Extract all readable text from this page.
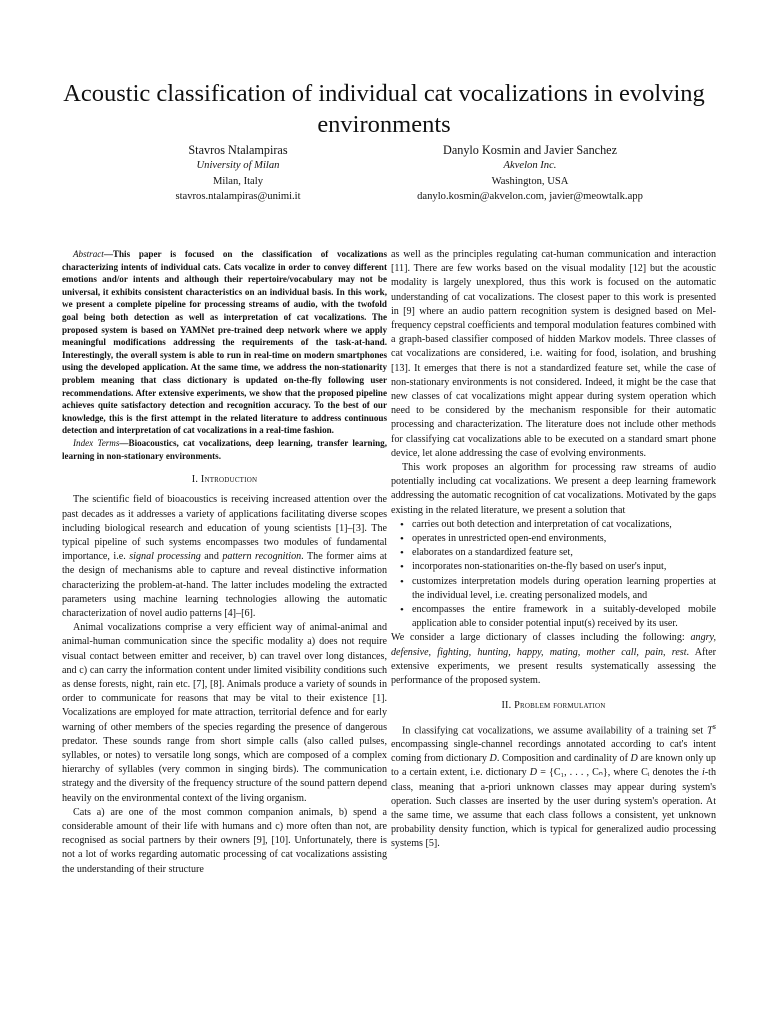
Acoustic classification of individual cat vocalizations in evolving environments
Stavros Ntalampiras
University of Milan
Milan, Italy
stavros.ntalampiras@unimi.it
Danylo Kosmin and Javier Sanchez
Akvelon Inc.
Washington, USA
danylo.kosmin@akvelon.com, javier@meowtalk.app

Abstract—This paper is focused on the classification of vocalizations characterizing intents of individual cats. Cats vocalize in order to convey different emotions and/or intents and although their repertoire/vocabulary may not be universal, it exhibits consistent characteristics on an individual basis. In this work, we present a complete pipeline for processing streams of audio, with the twofold goal being both detection as well as interpretation of cat vocalizations. The proposed system is based on YAMNet pre-trained deep network where we apply meaningful modifications addressing the requirements of the task-at-hand. Interestingly, the overall system is able to run in real-time on modern smartphones using the developed application. At the same time, we address the non-stationarity problem meaning that class dictionary is updated on-the-fly following user recommendations. After extensive experiments, we show that the proposed pipeline achieves quite satisfactory detection and recognition accuracy. To the best of our knowledge, this is the first attempt in the related literature to address continuous detection and interpretation of cat vocalizations in a real-time fashion.

Index Terms—Bioacoustics, cat vocalizations, deep learning, transfer learning, learning in non-stationary environments.

I. Introduction

The scientific field of bioacoustics is receiving increased attention over the past decades as it addresses a variety of applications facilitating diverse scopes including biological research and education of young scientists [1]–[3]. The typical pipeline of such systems encompasses two modules of fundamental importance, i.e. signal processing and pattern recognition. The former aims at the design of mechanisms able to capture and reveal distinctive information characterizing the problem-at-hand. The latter includes modeling the extracted parameters using machine learning technologies allowing the automatic characterization of novel audio patterns [4]–[6].

Animal vocalizations comprise a very efficient way of animal-animal and animal-human communication since the specific modality a) does not require visual contact between emitter and receiver, b) can travel over long distances, and c) can carry the information content under limited visibility conditions such as dense forests, night, rain etc. [7], [8]. Animals produce a variety of sounds in order to communicate for reasons that may be vital to their existence [1]. Vocalizations are employed for mate attraction, territorial defence and for early warning of other members of the species regarding the presence of dangerous predator. These sounds range from short simple calls (also called pulses, syllables, or notes) to versatile long songs, which are composed of a complex hierarchy of syllables (very common in singing birds). The communication strategy and the diversity of the frequency structure of the sound pattern depend heavily on the environmental context of the living organism.

Cats a) are one of the most common companion animals, b) spend a considerable amount of their life with humans and c) more often than not, are recognised as social partners by their owners [9], [10]. Unfortunately, there is not a lot of works regarding automatic processing of cat vocalizations assisting the understanding of their structure

as well as the principles regulating cat-human communication and interaction [11]. There are few works based on the visual modality [12] but the acoustic modality is largely unexplored, thus this work is focused on the automatic understanding of cat vocalizations. The closest paper to this work is presented in [9] where an audio pattern recognition system is designed based on Mel-frequency cepstral coefficients and temporal modulation features combined with a graph-based classifier composed of hidden Markov models. Three classes of cat vocalizations are considered, i.e. waiting for food, isolation, and brushing [13]. It emerges that there is not a standardized feature set, while the case of non-stationary environments is not considered. Indeed, it might be the case that new classes of cat vocalizations might appear during system operation which need to be considered by the mechanism responsible for their automatic processing and characterization. The literature does not include other methods for classifying cat vocalizations able to be executed on a standard smart phone device, let alone addressing the case of evolving environments.

This work proposes an algorithm for processing raw streams of audio potentially including cat vocalizations. We present a deep learning framework addressing the automatic recognition of cat vocalizations. Motivated by the gaps existing in the related literature, we present a solution that

• carries out both detection and interpretation of cat vocalizations,
• operates in unrestricted open-end environments,
• elaborates on a standardized feature set,
• incorporates non-stationarities on-the-fly based on user's input,
• customizes interpretation models during operation learning properties at the individual level, i.e. creating personalized models, and
• encompasses the entire framework in a suitably-developed mobile application able to consider potential input(s) received by its user.

We consider a large dictionary of classes including the following: angry, defensive, fighting, hunting, happy, mating, mother call, pain, rest. After extensive experiments, we present results systematically assessing the performance of the proposed system.

II. Problem formulation

In classifying cat vocalizations, we assume availability of a training set $T^s$ encompassing single-channel recordings annotated according to cat's intent coming from dictionary D. Composition and cardinality of D are known only up to a certain extent, i.e. dictionary D = {C₁, . . . , Cₙ}, where Cᵢ denotes the i-th class, meaning that a-priori unknown classes may appear during system's operation. Such classes are inserted by the user during system's operation. At the same time, we assume that each class follows a consistent, yet unknown probability density function, which is typical for generalized audio processing systems [5].
